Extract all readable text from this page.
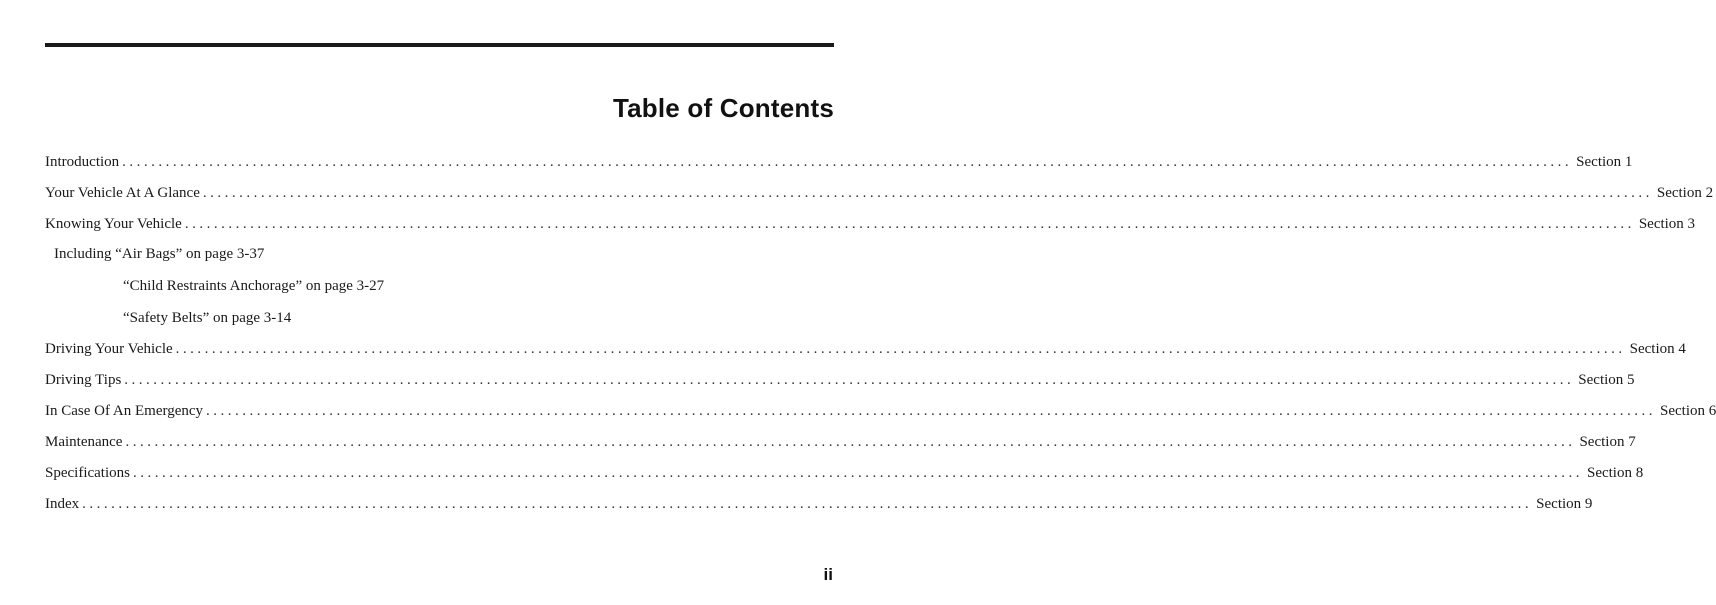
Table of Contents
Introduction ........................................................................................................................................................................................................ Section 1
Your Vehicle At A Glance ........................................................................................................................................................................................................ Section 2
Knowing Your Vehicle ........................................................................................................................................................................................................ Section 3
Including “Air Bags” on page 3-37
“Child Restraints Anchorage” on page 3-27
“Safety Belts” on page 3-14
Driving Your Vehicle ........................................................................................................................................................................................................ Section 4
Driving Tips ........................................................................................................................................................................................................ Section 5
In Case Of An Emergency ........................................................................................................................................................................................................ Section 6
Maintenance ........................................................................................................................................................................................................ Section 7
Specifications ........................................................................................................................................................................................................ Section 8
Index ........................................................................................................................................................................................................ Section 9
ii
